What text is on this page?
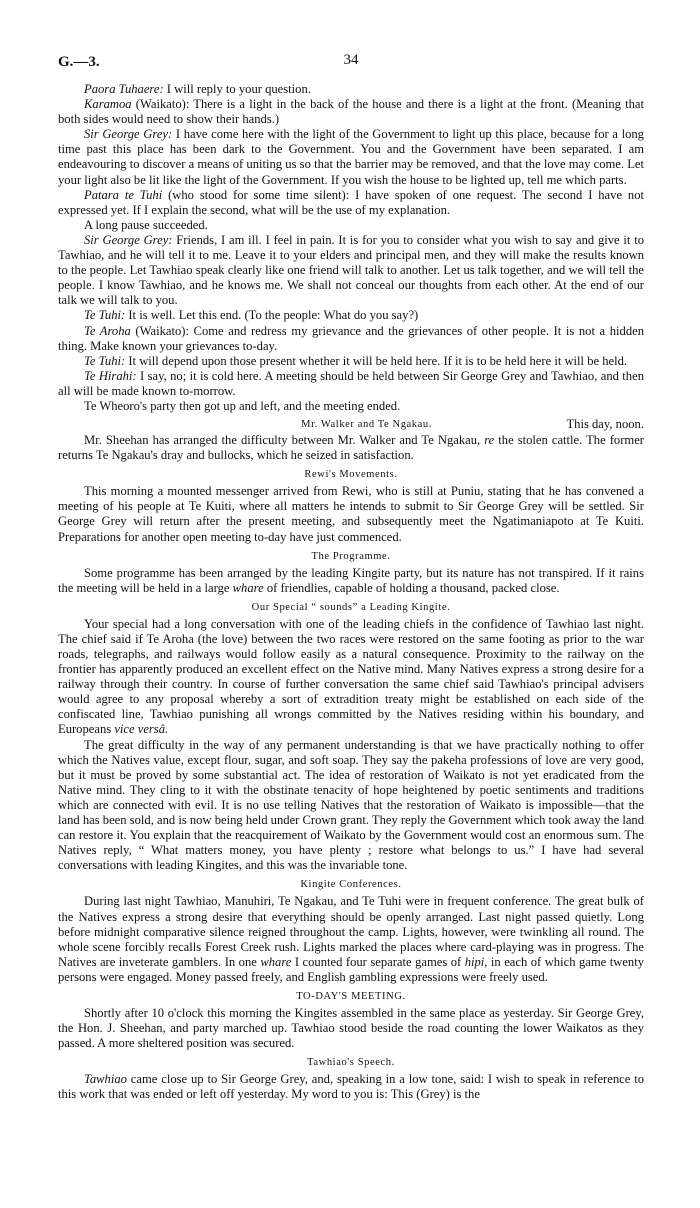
G.—3.	34

Paora Tuhaere: I will reply to your question.

Karamoa (Waikato): There is a light in the back of the house and there is a light at the front. (Meaning that both sides would need to show their hands.)

Sir George Grey: I have come here with the light of the Government to light up this place, because for a long time past this place has been dark to the Government. You and the Government have been separated. I am endeavouring to discover a means of uniting us so that the barrier may be removed, and that the love may come. Let your light also be lit like the light of the Government. If you wish the house to be lighted up, tell me which parts.

Patara te Tuhi (who stood for some time silent): I have spoken of one request. The second I have not expressed yet. If I explain the second, what will be the use of my explanation.

A long pause succeeded.

Sir George Grey: Friends, I am ill. I feel in pain. It is for you to consider what you wish to say and give it to Tawhiao, and he will tell it to me. Leave it to your elders and principal men, and they will make the results known to the people. Let Tawhiao speak clearly like one friend will talk to another. Let us talk together, and we will tell the people. I know Tawhiao, and he knows me. We shall not conceal our thoughts from each other. At the end of our talk we will talk to you.

Te Tuhi: It is well. Let this end. (To the people: What do you say?)

Te Aroha (Waikato): Come and redress my grievance and the grievances of other people. It is not a hidden thing. Make known your grievances to-day.

Te Tuhi: It will depend upon those present whether it will be held here. If it is to be held here it will be held.

Te Hirahi: I say, no; it is cold here. A meeting should be held between Sir George Grey and Tawhiao, and then all will be made known to-morrow.

Te Wheoro's party then got up and left, and the meeting ended.

Mr. Walker and Te Ngakau.	This day, noon.

Mr. Sheehan has arranged the difficulty between Mr. Walker and Te Ngakau, re the stolen cattle. The former returns Te Ngakau's dray and bullocks, which he seized in satisfaction.

Rewi's Movements.

This morning a mounted messenger arrived from Rewi, who is still at Puniu, stating that he has convened a meeting of his people at Te Kuiti, where all matters he intends to submit to Sir George Grey will be settled. Sir George Grey will return after the present meeting, and subsequently meet the Ngatimaniapoto at Te Kuiti. Preparations for another open meeting to-day have just commenced.

The Programme.

Some programme has been arranged by the leading Kingite party, but its nature has not transpired. If it rains the meeting will be held in a large whare of friendlies, capable of holding a thousand, packed close.

Our Special “ sounds” a Leading Kingite.

Your special had a long conversation with one of the leading chiefs in the confidence of Tawhiao last night. The chief said if Te Aroha (the love) between the two races were restored on the same footing as prior to the war roads, telegraphs, and railways would follow easily as a natural consequence. Proximity to the railway on the frontier has apparently produced an excellent effect on the Native mind. Many Natives express a strong desire for a railway through their country. In course of further conversation the same chief said Tawhiao's principal advisers would agree to any proposal whereby a sort of extradition treaty might be established on each side of the confiscated line, Tawhiao punishing all wrongs committed by the Natives residing within his boundary, and Europeans vice versâ.

The great difficulty in the way of any permanent understanding is that we have practically nothing to offer which the Natives value, except flour, sugar, and soft soap. They say the pakeha professions of love are very good, but it must be proved by some substantial act. The idea of restoration of Waikato is not yet eradicated from the Native mind. They cling to it with the obstinate tenacity of hope heightened by poetic sentiments and traditions which are connected with evil. It is no use telling Natives that the restoration of Waikato is impossible—that the land has been sold, and is now being held under Crown grant. They reply the Government which took away the land can restore it. You explain that the reacquirement of Waikato by the Government would cost an enormous sum. The Natives reply, “ What matters money, you have plenty ; restore what belongs to us.” I have had several conversations with leading Kingites, and this was the invariable tone.

Kingite Conferences.

During last night Tawhiao, Manuhiri, Te Ngakau, and Te Tuhi were in frequent conference. The great bulk of the Natives express a strong desire that everything should be openly arranged. Last night passed quietly. Long before midnight comparative silence reigned throughout the camp. Lights, however, were twinkling all round. The whole scene forcibly recalls Forest Creek rush. Lights marked the places where card-playing was in progress. The Natives are inveterate gamblers. In one whare I counted four separate games of hipi, in each of which game twenty persons were engaged. Money passed freely, and English gambling expressions were freely used.

TO-DAY'S MEETING.

Shortly after 10 o'clock this morning the Kingites assembled in the same place as yesterday. Sir George Grey, the Hon. J. Sheehan, and party marched up. Tawhiao stood beside the road counting the lower Waikatos as they passed. A more sheltered position was secured.

Tawhiao's Speech.

Tawhiao came close up to Sir George Grey, and, speaking in a low tone, said: I wish to speak in reference to this work that was ended or left off yesterday. My word to you is: This (Grey) is the
